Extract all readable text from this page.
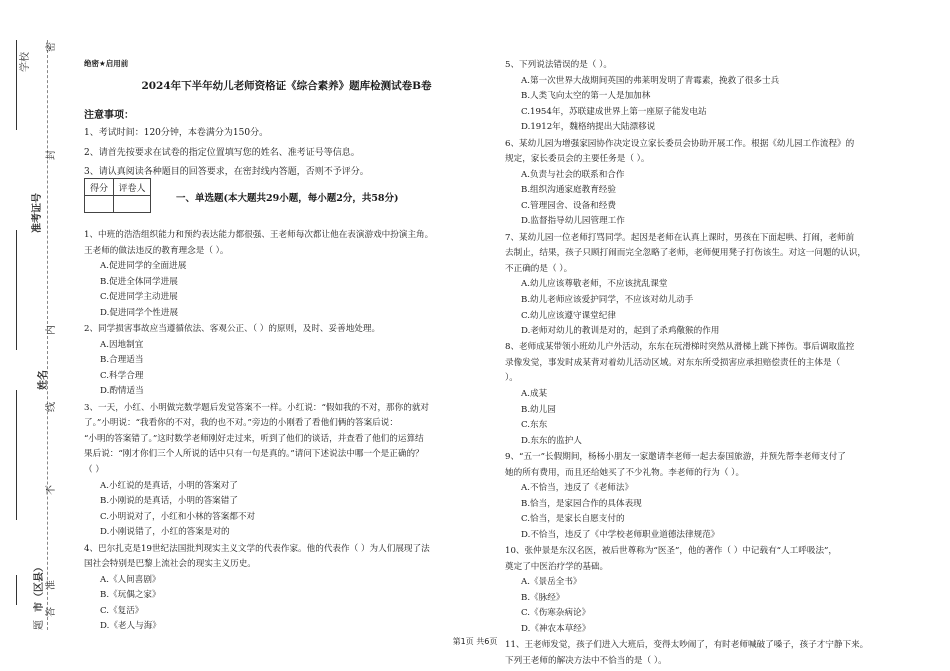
学校
准考证号
姓名
市（区县）
密
封
线
内
不
准
答
题
绝密★启用前
2024年下半年幼儿老师资格证《综合素养》题库检测试卷B卷
注意事项：
1、考试时间：120分钟，本卷满分为150分。
2、请首先按要求在试卷的指定位置填写您的姓名、准考证号等信息。
3、请认真阅读各种题目的回答要求，在密封线内答题，否则不予评分。
得分	评卷人

一、单选题(本大题共29小题，每小题2分，共58分)
1、中班的浩浩组织能力和预约表达能力都很强、王老师每次都让他在表演游戏中扮演主角。
王老师的做法违反的教育理念是（ ）。
A.促进同学的全面进展
B.促进全体同学进展
C.促进同学主动进展
D.促进同学个性进展
2、同学损害事故应当遵循依法、客观公正、（ ）的原则，及时、妥善地处理。
A.因地制宜
B.合理适当
C.科学合理
D.酌情适当
3、一天，小红、小明做完数学题后发觉答案不一样。小红说：“假如我的不对，那你的就对
了。”小明说：“我看你的不对，我的也不对。”旁边的小刚看了看他们俩的答案后说：
“小明的答案错了。”这时数学老师刚好走过来，听到了他们的谈话，并查看了他们的运算结
果后说：“刚才你们三个人所说的话中只有一句是真的。”请问下述说法中哪一个是正确的？
（ ）
A.小红说的是真话，小明的答案对了
B.小刚说的是真话，小明的答案错了
C.小明说对了，小红和小林的答案都不对
D.小刚说错了，小红的答案是对的
4、巴尔扎克是19世纪法国批判现实主义文学的代表作家。他的代表作（ ）为人们展现了法
国社会特别是巴黎上流社会的现实主义历史。
A.《人间喜剧》
B.《玩偶之家》
C.《复活》
D.《老人与海》
5、下列说法错误的是（ ）。
A.第一次世界大战期间英国的弗莱明发明了青霉素，挽救了很多士兵
B.人类飞向太空的第一人是加加林
C.1954年，苏联建成世界上第一座原子能发电站
D.1912年，魏格纳提出大陆漂移说
6、某幼儿园为增强家园协作决定设立家长委员会协助开展工作。根据《幼儿园工作流程》的
规定，家长委员会的主要任务是（ ）。
A.负责与社会的联系和合作
B.组织沟通家庭教育经验
C.管理园舍、设备和经费
D.监督指导幼儿园管理工作
7、某幼儿园一位老师打骂同学。起因是老师在认真上课时，男孩在下面起哄、打闹，老师前
去制止，结果，孩子只顾打闹而完全忽略了老师，老师便用凳子打伤该生。对这一问题的认识，
不正确的是（ ）。
A.幼儿应该尊敬老师，不应该扰乱课堂
B.幼儿老师应该爱护同学，不应该对幼儿动手
C.幼儿应该遵守课堂纪律
D.老师对幼儿的教训是对的，起到了杀鸡儆猴的作用
8、老师成某带领小班幼儿户外活动，东东在玩滑梯时突然从滑梯上跳下摔伤。事后调取监控
录像发觉，事发时成某背对着幼儿活动区域。对东东所受损害应承担赔偿责任的主体是（
）。
A.成某
B.幼儿园
C.东东
D.东东的监护人
9、“五一”长假期间，杨杨小朋友一家邀请李老师一起去泰国旅游，并预先帮李老师支付了
她的所有费用，而且还给她买了不少礼物。李老师的行为（ ）。
A.不恰当，违反了《老师法》
B.恰当，是家园合作的具体表现
C.恰当，是家长自愿支付的
D.不恰当，违反了《中学校老师职业道德法律规范》
10、张仲景是东汉名医，被后世尊称为“医圣”，他的著作（ ）中记载有“人工呼吸法”，
奠定了中医治疗学的基础。
A.《景岳全书》
B.《脉经》
C.《伤寒杂病论》
D.《神农本草经》
11、王老师发觉，孩子们进入大班后，变得太吵闹了，有时老师喊破了嗓子，孩子才宁静下来。
下列王老师的解决方法中不恰当的是（ ）。
第1页 共6页
